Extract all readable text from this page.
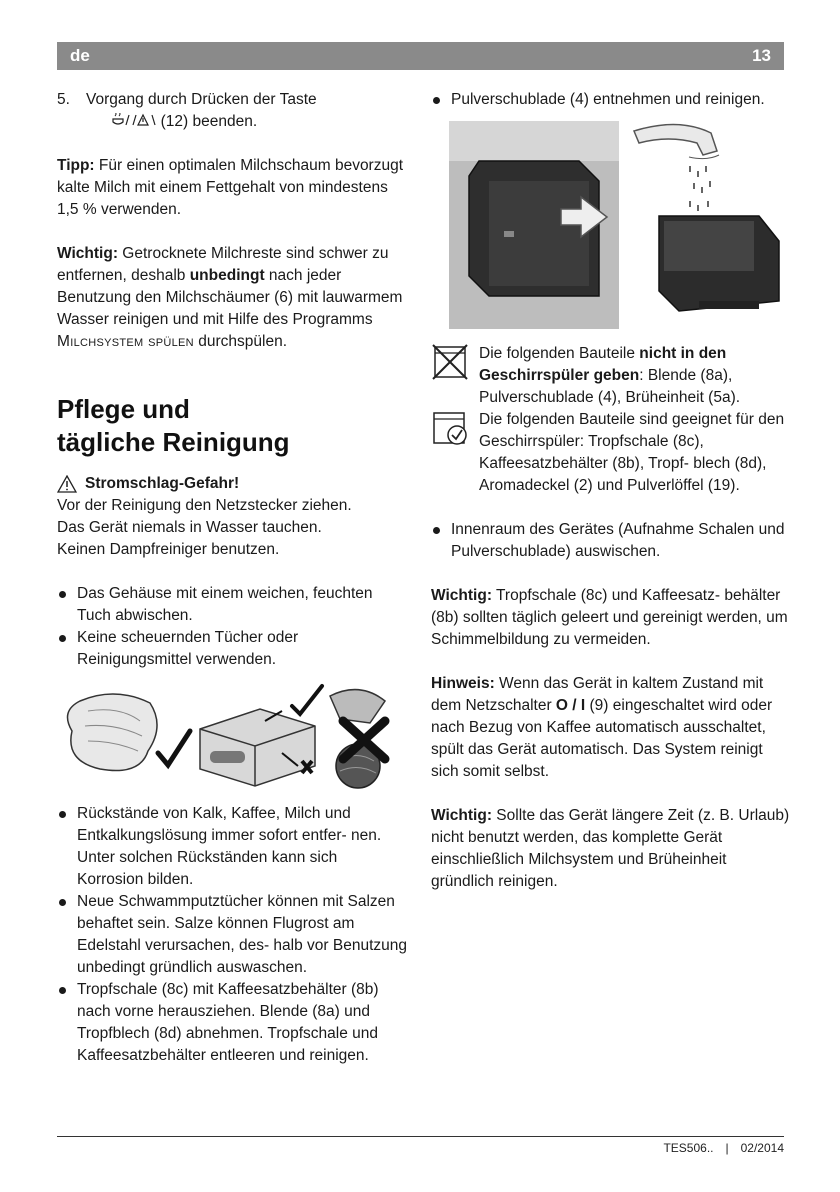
de	13

5. Vorgang durch Drücken der Taste
(12) beenden.

Tipp: Für einen optimalen Milchschaum bevorzugt kalte Milch mit einem Fettgehalt von mindestens 1,5 % verwenden.

Wichtig: Getrocknete Milchreste sind schwer zu entfernen, deshalb unbedingt nach jeder Benutzung den Milchschäumer (6) mit lauwarmem Wasser reinigen und mit Hilfe des Programms Milchsystem spülen durchspülen.

Pflege und
tägliche Reinigung
Stromschlag-Gefahr!
Vor der Reinigung den Netzstecker ziehen.
Das Gerät niemals in Wasser tauchen.
Keinen Dampfreiniger benutzen.
Das Gehäuse mit einem weichen, feuchten Tuch abwischen.
Keine scheuernden Tücher oder Reinigungsmittel verwenden.
Rückstände von Kalk, Kaffee, Milch und Entkalkungslösung immer sofort entfer- nen. Unter solchen Rückständen kann sich Korrosion bilden.
Neue Schwammputztücher können mit Salzen behaftet sein. Salze können Flugrost am Edelstahl verursachen, des- halb vor Benutzung unbedingt gründlich auswaschen.
Tropfschale (8c) mit Kaffeesatzbehälter (8b) nach vorne herausziehen. Blende (8a) und Tropfblech (8d) abnehmen. Tropfschale und Kaffeesatzbehälter entleeren und reinigen.
Pulverschublade (4) entnehmen und reinigen.
Die folgenden Bauteile nicht in den Geschirrspüler geben: Blende (8a), Pulverschublade (4), Brüheinheit (5a).
Die folgenden Bauteile sind geeignet für den Geschirrspüler: Tropfschale (8c), Kaffeesatzbehälter (8b), Tropf- blech (8d), Aromadeckel (2) und Pulverlöffel (19).
Innenraum des Gerätes (Aufnahme Schalen und Pulverschublade) auswischen.

Wichtig: Tropfschale (8c) und Kaffeesatz- behälter (8b) sollten täglich geleert und gereinigt werden, um Schimmelbildung zu vermeiden.

Hinweis: Wenn das Gerät in kaltem Zustand mit dem Netzschalter O / I (9) eingeschaltet wird oder nach Bezug von Kaffee automatisch ausschaltet, spült das Gerät automatisch. Das System reinigt sich somit selbst.

Wichtig: Sollte das Gerät längere Zeit (z. B. Urlaub) nicht benutzt werden, das komplette Gerät einschließlich Milchsystem und Brüheinheit gründlich reinigen.

TES506.. | 02/2014
